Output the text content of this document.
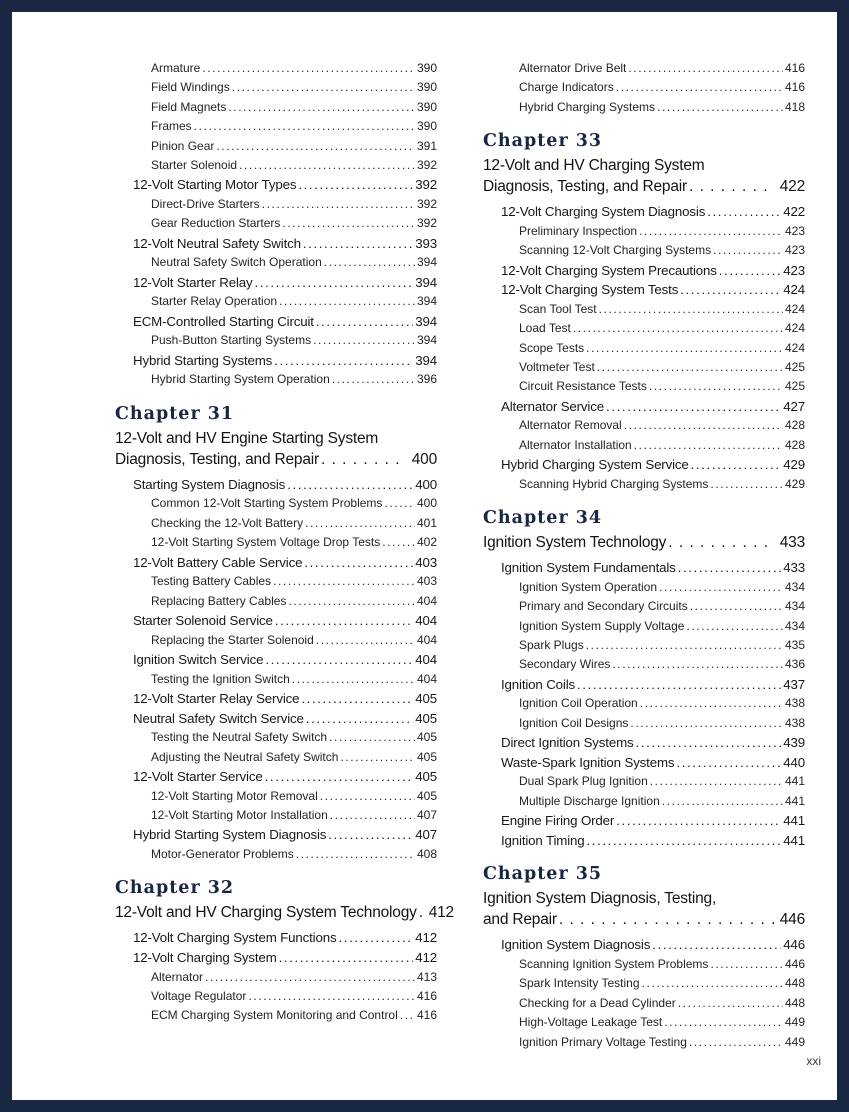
Armature .....	390
Field Windings .....	390
Field Magnets .....	390
Frames .....	390
Pinion Gear .....	391
Starter Solenoid .....	392
12-Volt Starting Motor Types .....	392
Direct-Drive Starters .....	392
Gear Reduction Starters .....	392
12-Volt Neutral Safety Switch .....	393
Neutral Safety Switch Operation .....	394
12-Volt Starter Relay .....	394
Starter Relay Operation .....	394
ECM-Controlled Starting Circuit .....	394
Push-Button Starting Systems .....	394
Hybrid Starting Systems .....	394
Hybrid Starting System Operation .....	396
Chapter 31
12-Volt and HV Engine Starting System
Diagnosis, Testing, and Repair . . .	400
Starting System Diagnosis .....	400
Common 12-Volt Starting System Problems .....	400
Checking the 12-Volt Battery .....	401
12-Volt Starting System Voltage Drop Tests .....	402
12-Volt Battery Cable Service .....	403
Testing Battery Cables .....	403
Replacing Battery Cables .....	404
Starter Solenoid Service .....	404
Replacing the Starter Solenoid .....	404
Ignition Switch Service .....	404
Testing the Ignition Switch .....	404
12-Volt Starter Relay Service .....	405
Neutral Safety Switch Service .....	405
Testing the Neutral Safety Switch .....	405
Adjusting the Neutral Safety Switch .....	405
12-Volt Starter Service .....	405
12-Volt Starting Motor Removal .....	405
12-Volt Starting Motor Installation .....	407
Hybrid Starting System Diagnosis .....	407
Motor-Generator Problems .....	408
Chapter 32
12-Volt and HV Charging System Technology . . . 412
12-Volt Charging System Functions .....	412
12-Volt Charging System .....	412
Alternator .....	413
Voltage Regulator .....	416
ECM Charging System Monitoring and Control ..... 416
Alternator Drive Belt .....	416
Charge Indicators .....	416
Hybrid Charging Systems .....	418
Chapter 33
12-Volt and HV Charging System
Diagnosis, Testing, and Repair . . .	422
12-Volt Charging System Diagnosis .....	422
Preliminary Inspection .....	423
Scanning 12-Volt Charging Systems .....	423
12-Volt Charging System Precautions .....	423
12-Volt Charging System Tests .....	424
Scan Tool Test .....	424
Load Test .....	424
Scope Tests .....	424
Voltmeter Test .....	425
Circuit Resistance Tests .....	425
Alternator Service .....	427
Alternator Removal .....	428
Alternator Installation .....	428
Hybrid Charging System Service .....	429
Scanning Hybrid Charging Systems .....	429
Chapter 34
Ignition System Technology . . .	433
Ignition System Fundamentals .....	433
Ignition System Operation .....	434
Primary and Secondary Circuits .....	434
Ignition System Supply Voltage .....	434
Spark Plugs .....	435
Secondary Wires .....	436
Ignition Coils .....	437
Ignition Coil Operation .....	438
Ignition Coil Designs .....	438
Direct Ignition Systems .....	439
Waste-Spark Ignition Systems .....	440
Dual Spark Plug Ignition .....	441
Multiple Discharge Ignition .....	441
Engine Firing Order .....	441
Ignition Timing .....	441
Chapter 35
Ignition System Diagnosis, Testing,
and Repair . . .	446
Ignition System Diagnosis .....	446
Scanning Ignition System Problems .....	446
Spark Intensity Testing .....	448
Checking for a Dead Cylinder .....	448
High-Voltage Leakage Test .....	449
Ignition Primary Voltage Testing .....	449
xxi
